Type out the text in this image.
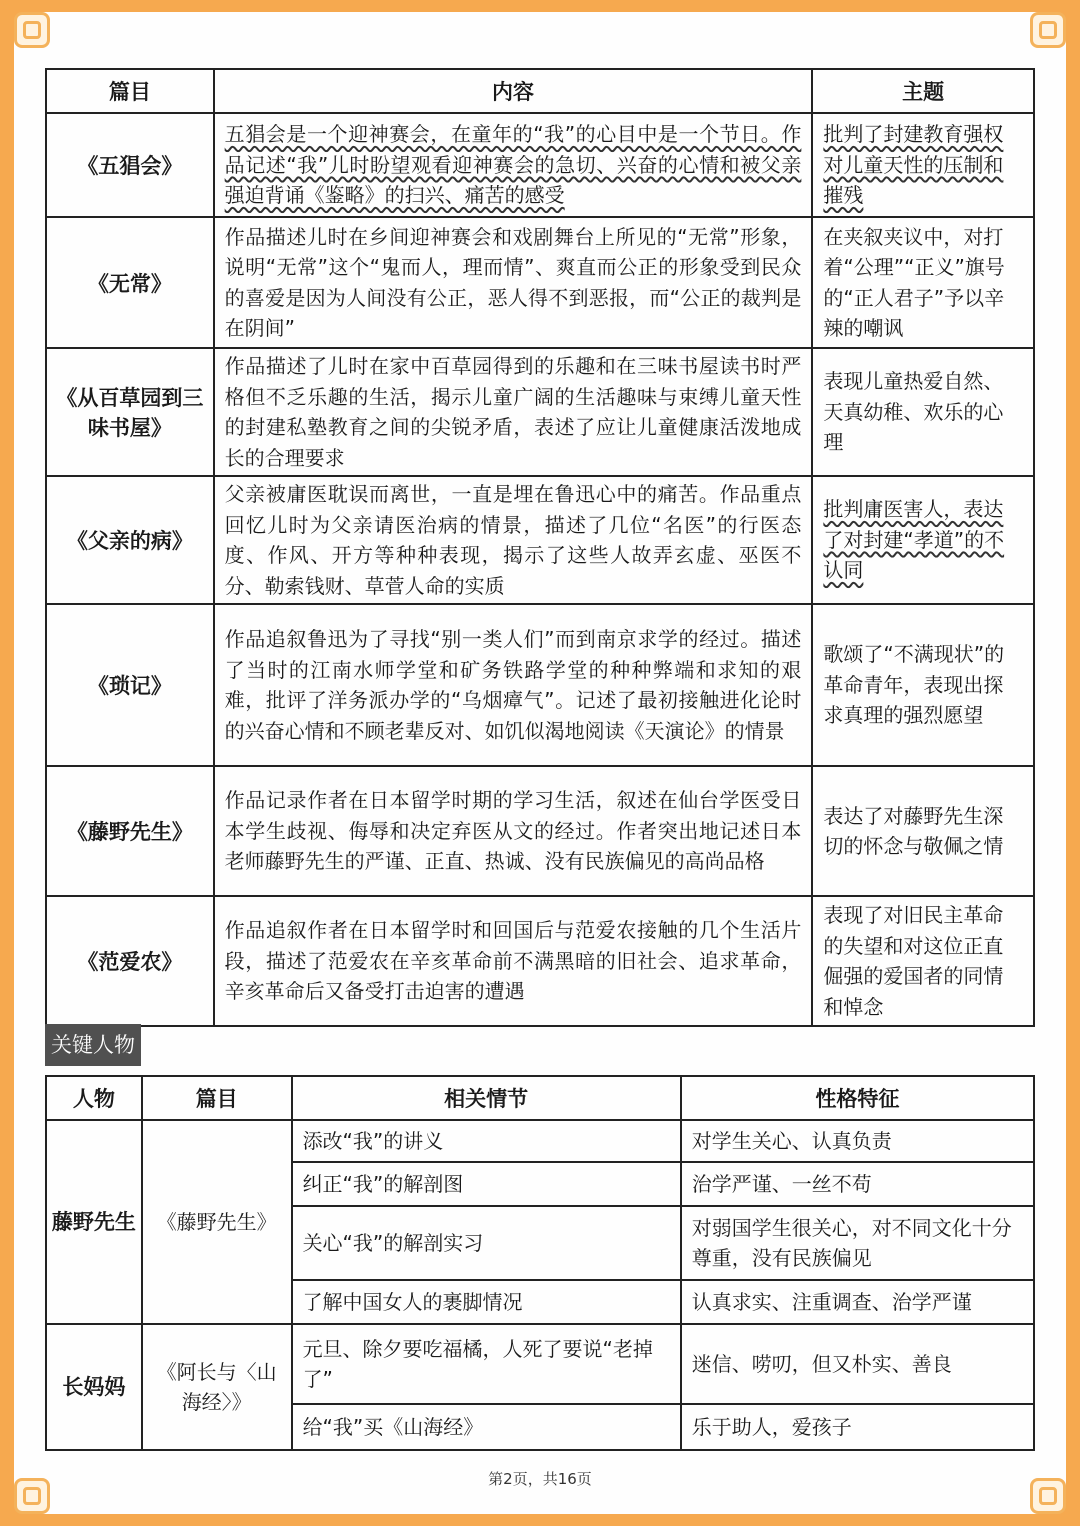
篇目	内容	主题
《五猖会》	五猖会是一个迎神赛会，在童年的“我”的心目中是一个节日。作品记述“我”儿时盼望观看迎神赛会的急切、兴奋的心情和被父亲强迫背诵《鉴略》的扫兴、痛苦的感受	批判了封建教育强权对儿童天性的压制和摧残
《无常》	作品描述儿时在乡间迎神赛会和戏剧舞台上所见的“无常”形象，说明“无常”这个“鬼而人，理而情”、爽直而公正的形象受到民众的喜爱是因为人间没有公正，恶人得不到恶报，而“公正的裁判是在阴间”	在夹叙夹议中，对打着“公理”“正义”旗号的“正人君子”予以辛辣的嘲讽
《从百草园到三味书屋》	作品描述了儿时在家中百草园得到的乐趣和在三味书屋读书时严格但不乏乐趣的生活，揭示儿童广阔的生活趣味与束缚儿童天性的封建私塾教育之间的尖锐矛盾，表述了应让儿童健康活泼地成长的合理要求	表现儿童热爱自然、天真幼稚、欢乐的心理
《父亲的病》	父亲被庸医耽误而离世，一直是埋在鲁迅心中的痛苦。作品重点回忆儿时为父亲请医治病的情景，描述了几位“名医”的行医态度、作风、开方等种种表现，揭示了这些人故弄玄虚、巫医不分、勒索钱财、草菅人命的实质	批判庸医害人，表达了对封建“孝道”的不认同
《琐记》	作品追叙鲁迅为了寻找“别一类人们”而到南京求学的经过。描述了当时的江南水师学堂和矿务铁路学堂的种种弊端和求知的艰难，批评了洋务派办学的“乌烟瘴气”。记述了最初接触进化论时的兴奋心情和不顾老辈反对、如饥似渴地阅读《天演论》的情景	歌颂了“不满现状”的革命青年，表现出探求真理的强烈愿望
《藤野先生》	作品记录作者在日本留学时期的学习生活，叙述在仙台学医受日本学生歧视、侮辱和决定弃医从文的经过。作者突出地记述日本老师藤野先生的严谨、正直、热诚、没有民族偏见的高尚品格	表达了对藤野先生深切的怀念与敬佩之情
《范爱农》	作品追叙作者在日本留学时和回国后与范爱农接触的几个生活片段，描述了范爱农在辛亥革命前不满黑暗的旧社会、追求革命，辛亥革命后又备受打击迫害的遭遇	表现了对旧民主革命的失望和对这位正直倔强的爱国者的同情和悼念
关键人物
人物	篇目	相关情节	性格特征
藤野先生	《藤野先生》	添改“我”的讲义	对学生关心、认真负责
		纠正“我”的解剖图	治学严谨、一丝不苟
		关心“我”的解剖实习	对弱国学生很关心，对不同文化十分尊重，没有民族偏见
		了解中国女人的裹脚情况	认真求实、注重调查、治学严谨
长妈妈	《阿长与〈山海经〉》	元旦、除夕要吃福橘，人死了要说“老掉了”	迷信、唠叨，但又朴实、善良
		给“我”买《山海经》	乐于助人，爱孩子
第2页，共16页
